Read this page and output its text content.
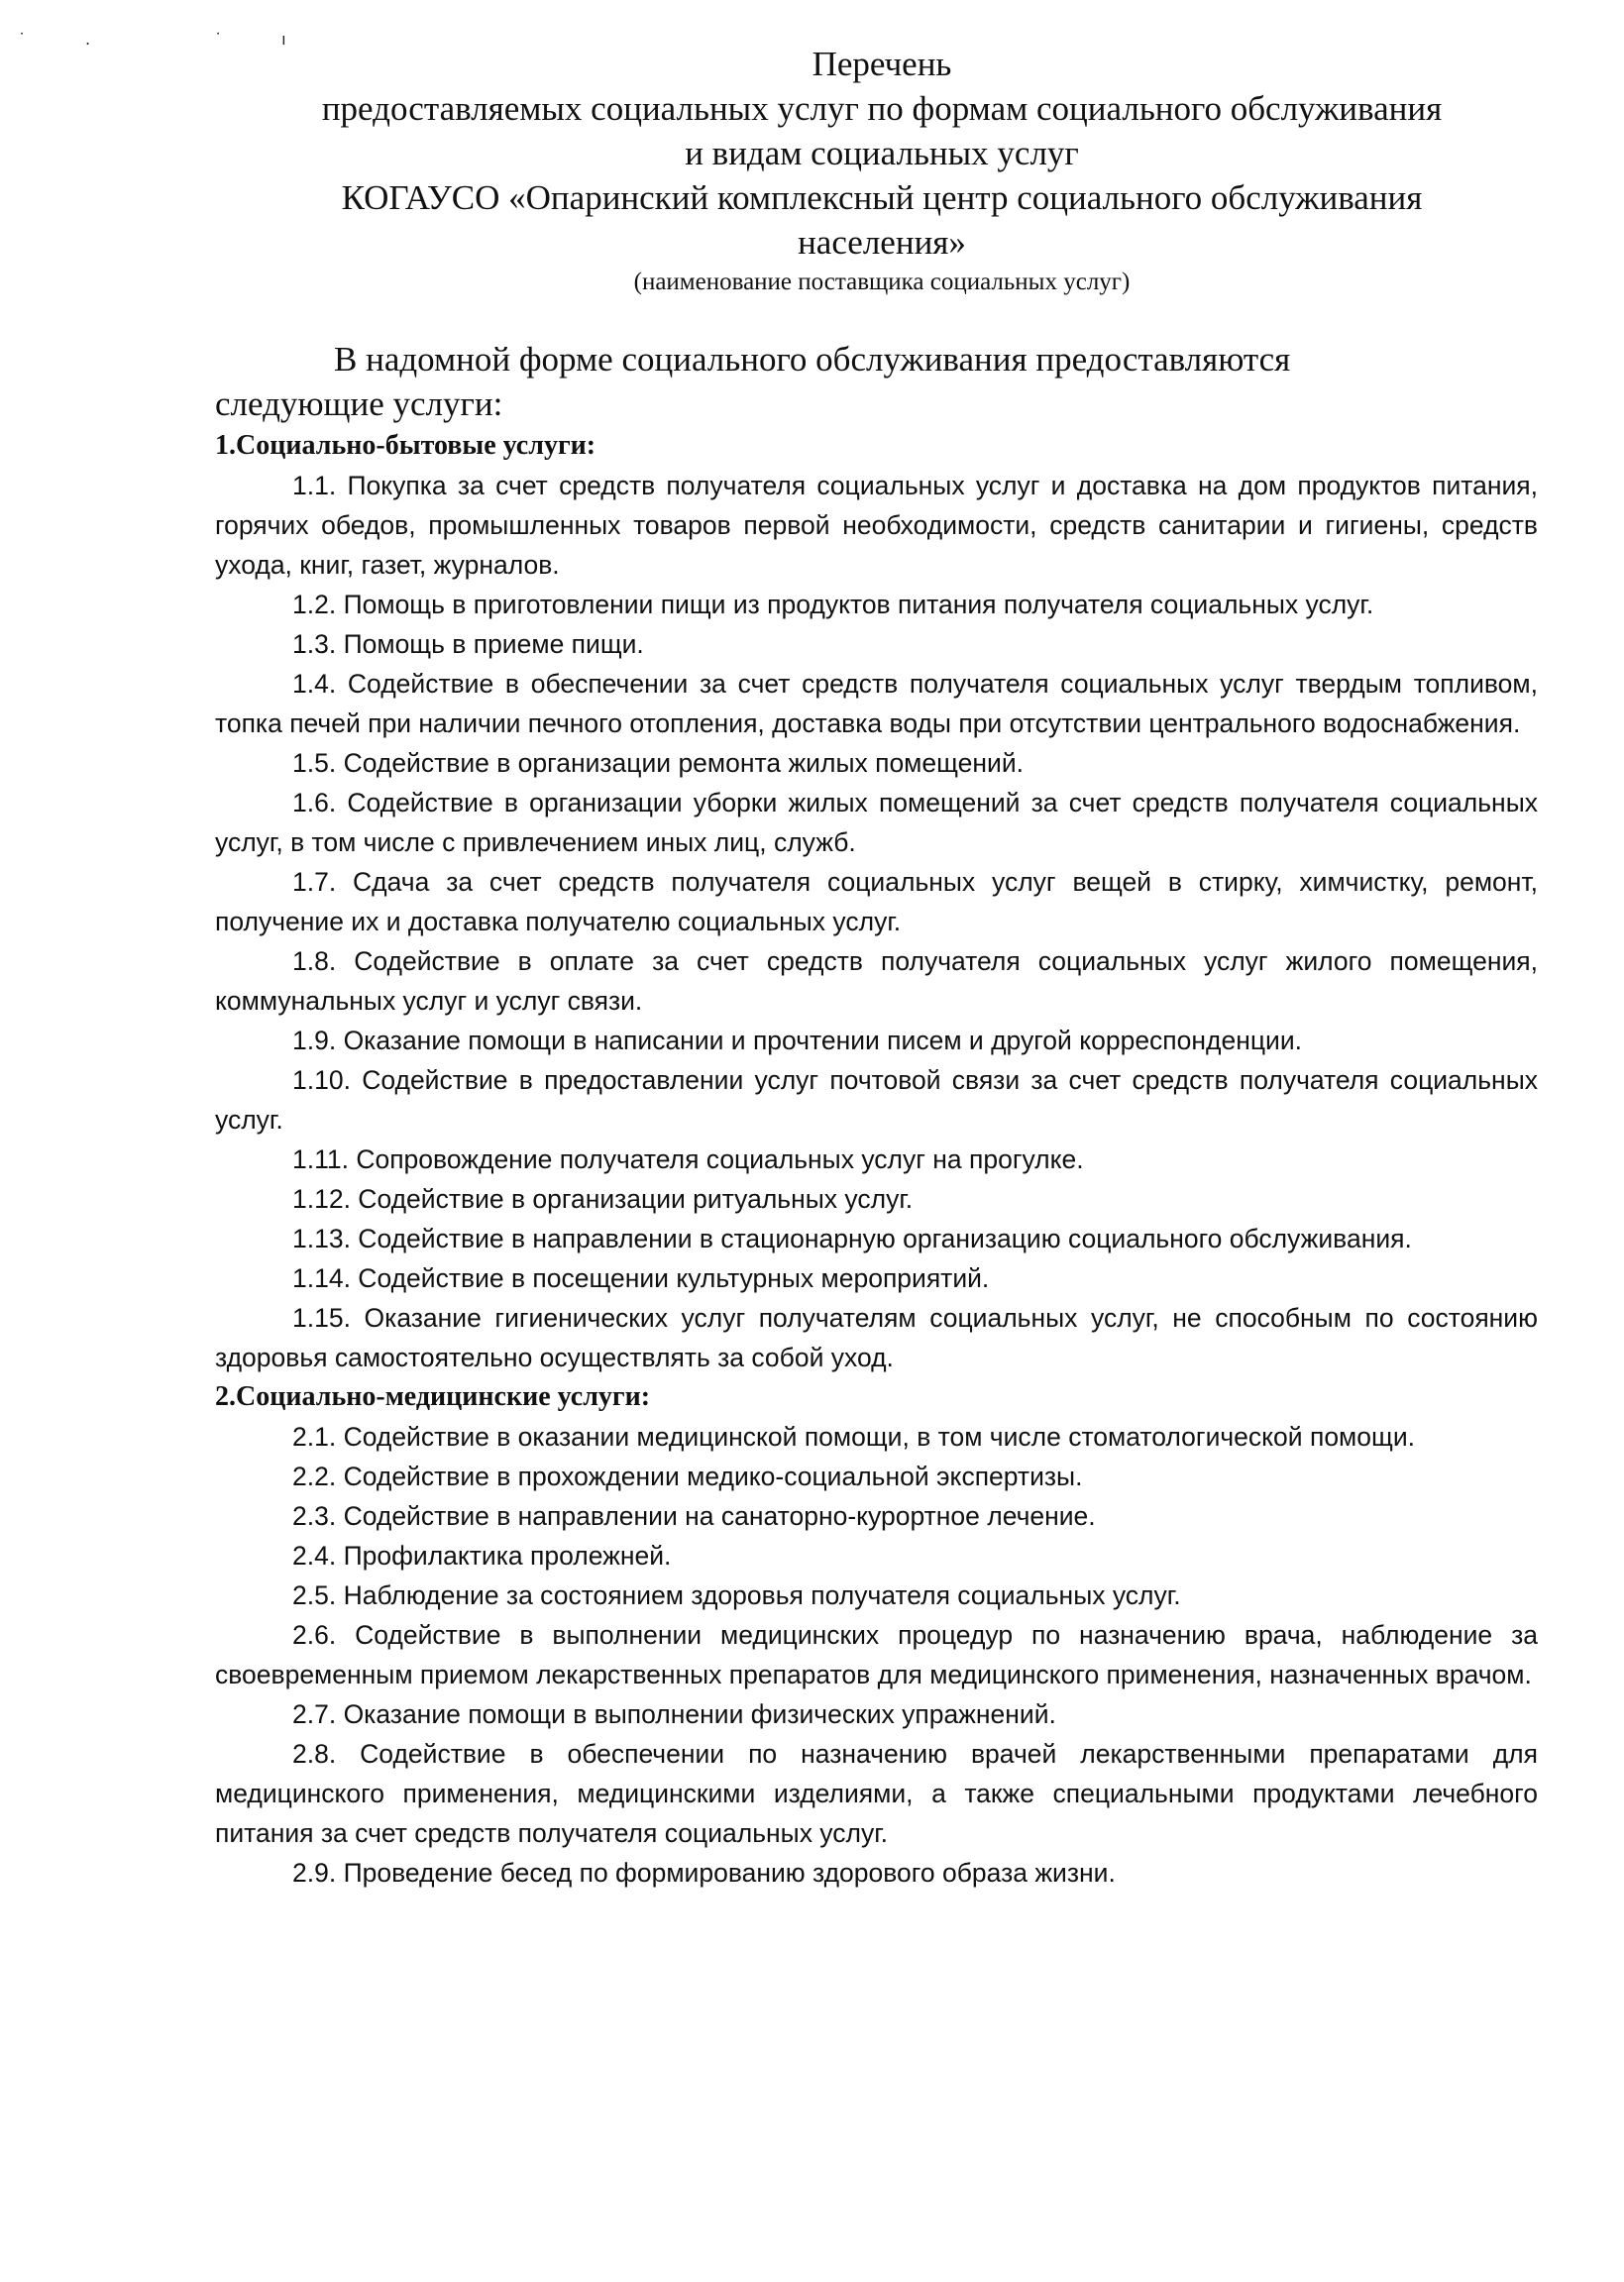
˙. ˙ı
Перечень
предоставляемых социальных услуг по формам социального обслуживания
и видам социальных услуг
КОГАУСО «Опаринский комплексный центр социального обслуживания
населения»
(наименование поставщика социальных услуг)
В надомной форме социального обслуживания предоставляются
следующие услуги:

1.Социально-бытовые услуги:

1.1. Покупка за счет средств получателя социальных услуг и доставка на дом продуктов питания, горячих обедов, промышленных товаров первой необходимости, средств санитарии и гигиены, средств ухода, книг, газет, журналов.

1.2. Помощь в приготовлении пищи из продуктов питания получателя социальных услуг.

1.3. Помощь в приеме пищи.

1.4. Содействие в обеспечении за счет средств получателя социальных услуг твердым топливом, топка печей при наличии печного отопления, доставка воды при отсутствии центрального водоснабжения.

1.5. Содействие в организации ремонта жилых помещений.

1.6. Содействие в организации уборки жилых помещений за счет средств получателя социальных услуг, в том числе с привлечением иных лиц, служб.

1.7. Сдача за счет средств получателя социальных услуг вещей в стирку, химчистку, ремонт, получение их и доставка получателю социальных услуг.

1.8. Содействие в оплате за счет средств получателя социальных услуг жилого помещения, коммунальных услуг и услуг связи.

1.9. Оказание помощи в написании и прочтении писем и другой корреспонденции.

1.10. Содействие в предоставлении услуг почтовой связи за счет средств получателя социальных услуг.

1.11. Сопровождение получателя социальных услуг на прогулке.

1.12. Содействие в организации ритуальных услуг.

1.13. Содействие в направлении в стационарную организацию социального обслуживания.

1.14. Содействие в посещении культурных мероприятий.

1.15. Оказание гигиенических услуг получателям социальных услуг, не способным по состоянию здоровья самостоятельно осуществлять за собой уход.

2.Социально-медицинские услуги:

2.1. Содействие в оказании медицинской помощи, в том числе стоматологической помощи.

2.2. Содействие в прохождении медико-социальной экспертизы.

2.3. Содействие в направлении на санаторно-курортное лечение.

2.4. Профилактика пролежней.

2.5. Наблюдение за состоянием здоровья получателя социальных услуг.

2.6. Содействие в выполнении медицинских процедур по назначению врача, наблюдение за своевременным приемом лекарственных препаратов для медицинского применения, назначенных врачом.

2.7. Оказание помощи в выполнении физических упражнений.

2.8. Содействие в обеспечении по назначению врачей лекарственными препаратами для медицинского применения, медицинскими изделиями, а также специальными продуктами лечебного питания за счет средств получателя социальных услуг.

2.9. Проведение бесед по формированию здорового образа жизни.
